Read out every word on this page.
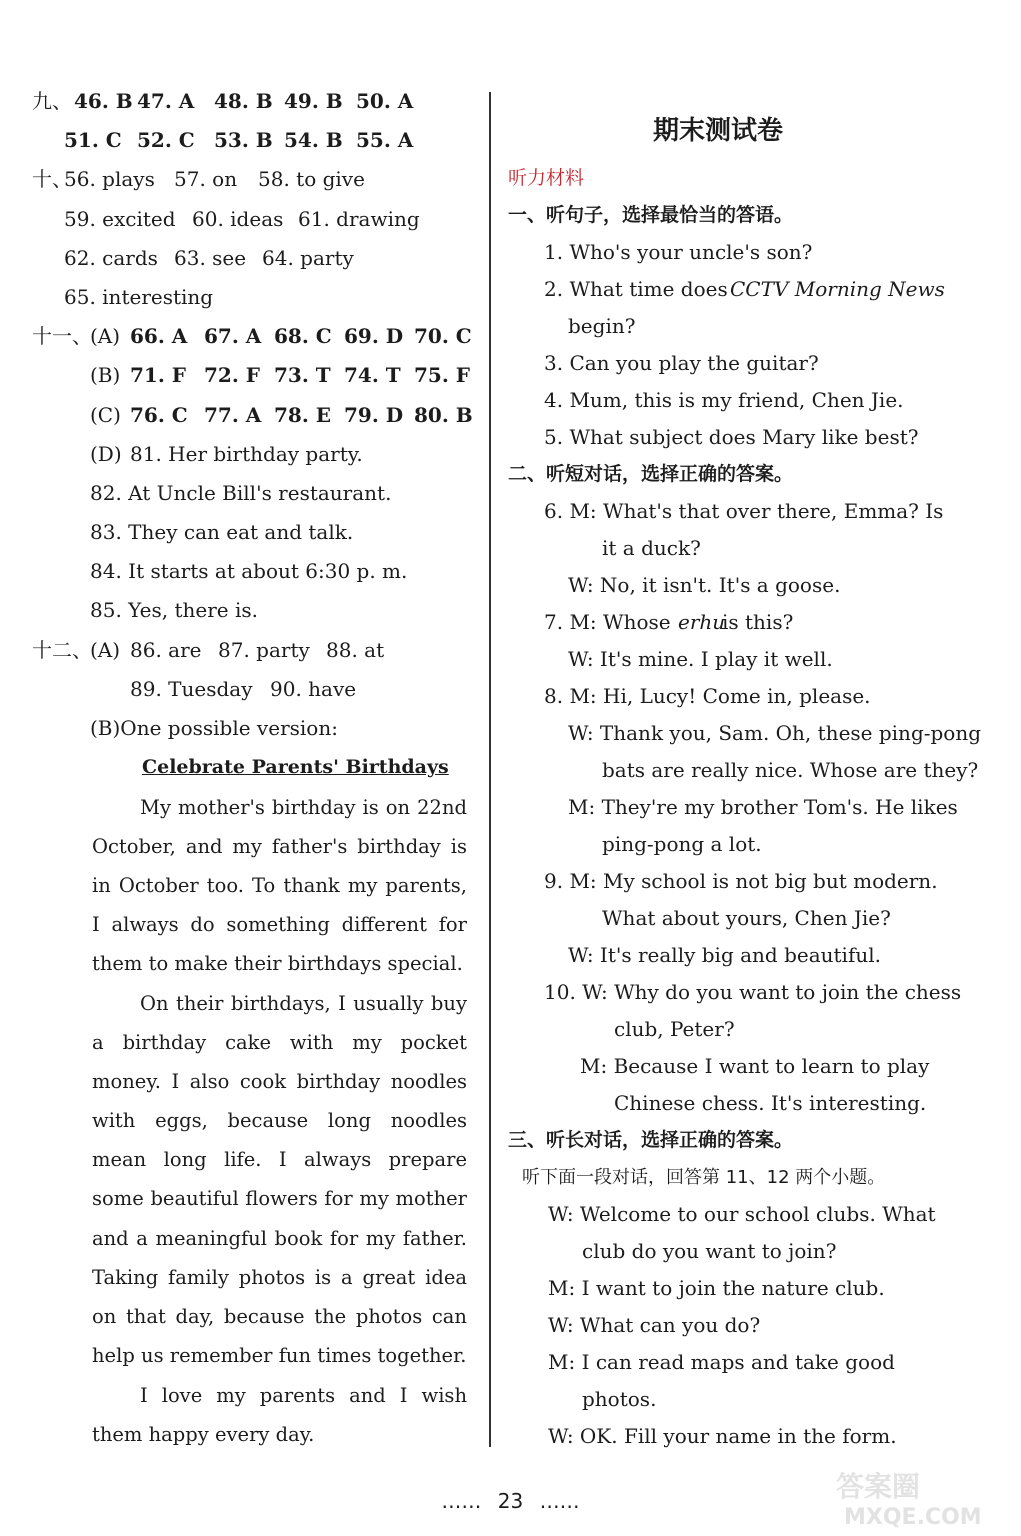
九、 46. B 47. A 48. B 49. B 50. A
51. C 52. C 53. B 54. B 55. A
十、
56. plays 57. on 58. to give
59. excited 60. ideas 61. drawing
62. cards 63. see 64. party
65. interesting
十一、
(A) 66. A 67. A 68. C 69. D 70. C
(B) 71. F 72. F 73. T 74. T 75. F
(C) 76. C 77. A 78. E 79. D 80. B
(D) 81. Her birthday party.
82. At Uncle Bill's restaurant.
83. They can eat and talk.
84. It starts at about 6:30 p. m.
85. Yes, there is.
十二、
(A) 86. are 87. party 88. at
89. Tuesday 90. have
(B)One possible version:
Celebrate Parents' Birthdays
My mother's birthday is on 22nd October, and my father's birthday is in October too. To thank my parents, I always do something different for them to make their birthdays special.
On their birthdays, I usually buy a birthday cake with my pocket money. I also cook birthday noodles with eggs, because long noodles mean long life. I always prepare some beautiful flowers for my mother and a meaningful book for my father. Taking family photos is a great idea on that day, because the photos can help us remember fun times together.
I love my parents and I wish them happy every day.
期末测试卷
听力材料
一、听句子，选择最恰当的答语。
1. Who's your uncle's son?
2. What time does CCTV Morning News
begin?
3. Can you play the guitar?
4. Mum, this is my friend, Chen Jie.
5. What subject does Mary like best?
二、听短对话，选择正确的答案。
6. M: What's that over there, Emma? Is
it a duck?
W: No, it isn't. It's a goose.
7. M: Whose erhu
is this?
W: It's mine. I play it well.
8. M: Hi, Lucy! Come in, please.
W: Thank you, Sam. Oh, these ping-pong
bats are really nice. Whose are they?
M: They're my brother Tom's. He likes
ping-pong a lot.
9. M: My school is not big but modern.
What about yours, Chen Jie?
W: It's really big and beautiful.
10. W: Why do you want to join the chess
club, Peter?
M: Because I want to learn to play
Chinese chess. It's interesting.
三、听长对话，选择正确的答案。
听下面一段对话，回答第 11、12 两个小题。
W: Welcome to our school clubs. What
club do you want to join?
M: I want to join the nature club.
W: What can you do?
M: I can read maps and take good
photos.
W: OK. Fill your name in the form.
…… 23 ……	答案圈
MXQE.COM
